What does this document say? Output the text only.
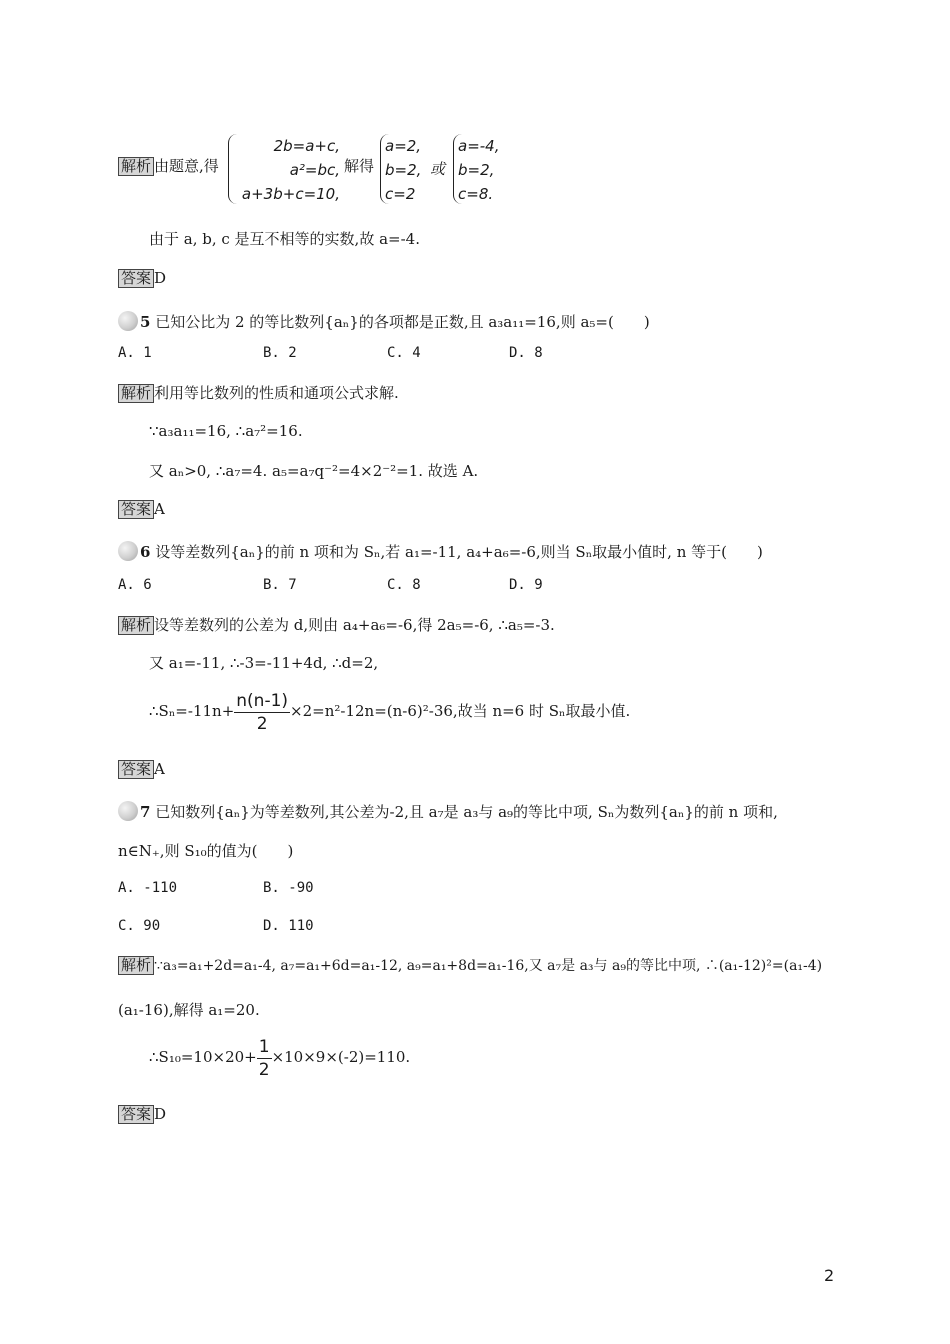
解析 由题意,得
2b=a+c,
a²=bc,
a+3b+c=10,
解得
a=2,
b=2,
c=2
或
a=-4,
b=2,
c=8.
由于 a, b, c 是互不相等的实数,故 a=-4.
答案 D
5 已知公比为 2 的等比数列{aₙ}的各项都是正数,且 a₃a₁₁=16,则 a₅=(　　)
A. 1	B. 2	C. 4	D. 8
解析 利用等比数列的性质和通项公式求解.
∵a₃a₁₁=16, ∴a₇²=16.
又 aₙ>0, ∴a₇=4. a₅=a₇q⁻²=4×2⁻²=1. 故选 A.
答案 A
6 设等差数列{aₙ}的前 n 项和为 Sₙ,若 a₁=-11, a₄+a₆=-6,则当 Sₙ取最小值时, n 等于(　　)
A. 6	B. 7	C. 8	D. 9
解析 设等差数列的公差为 d,则由 a₄+a₆=-6,得 2a₅=-6, ∴a₅=-3.
又 a₁=-11, ∴-3=-11+4d, ∴d=2,
∴Sₙ=-11n+ $\frac{n(n-1)}{2} \times 2=n^2-12n=(n-6)^2-36$,故当 n=6 时 Sₙ取最小值.
答案 A
7 已知数列{aₙ}为等差数列,其公差为-2,且 a₇是 a₃与 a₉的等比中项, Sₙ为数列{aₙ}的前 n 项和,
n∈N₊,则 S₁₀的值为(　　)
A. -110	B. -90
C. 90	D. 110
解析 ∵a₃=a₁+2d=a₁-4, a₇=a₁+6d=a₁-12, a₉=a₁+8d=a₁-16,又 a₇是 a₃与 a₉的等比中项, ∴(a₁-12)²=(a₁-4)
(a₁-16),解得 a₁=20.
∴S₁₀=10×20+ $\frac{1}{2} \times 10\times 9\times(-2)=110$.
答案 D
2
